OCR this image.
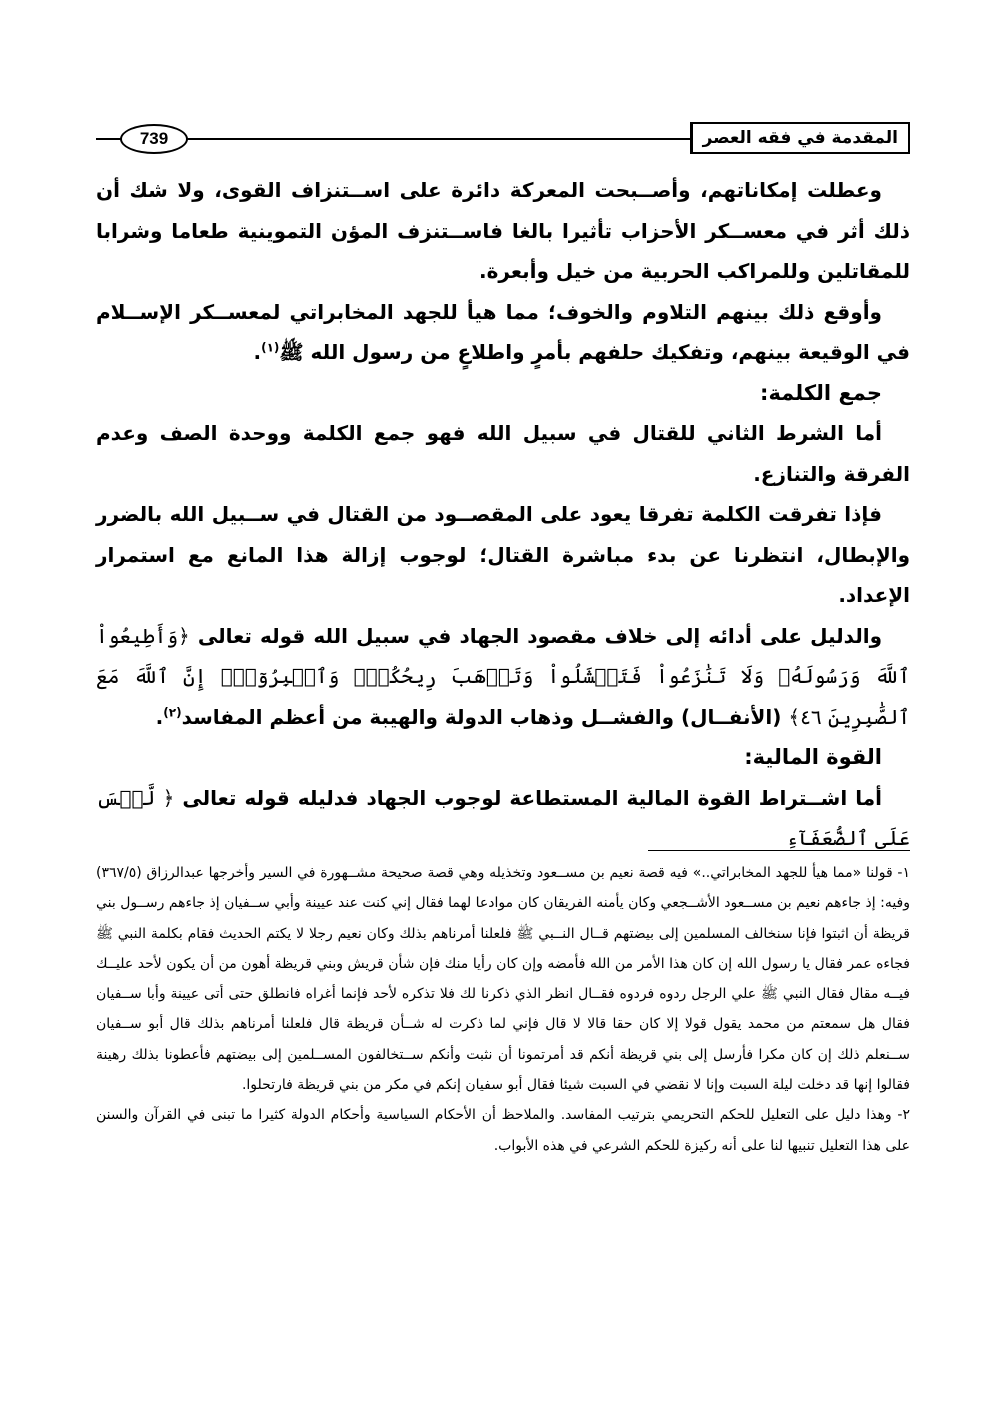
المقدمة في فقه العصر
739

وعطلت إمكاناتهم، وأصــبحت المعركة دائرة على اســتنزاف القوى، ولا شك أن ذلك أثر في معســكر الأحزاب تأثيرا بالغا فاســتنزف المؤن التموينية طعاما وشرابا للمقاتلين وللمراكب الحربية من خيل وأبعرة.

وأوقع ذلك بينهم التلاوم والخوف؛ مما هيأ للجهد المخابراتي لمعســكر الإســلام في الوقيعة بينهم، وتفكيك حلفهم بأمرٍ واطلاعٍ من رسول الله ﷺ$^{(١)}$.

جمع الكلمة:

أما الشرط الثاني للقتال في سبيل الله فهو جمع الكلمة ووحدة الصف وعدم الفرقة والتنازع.

فإذا تفرقت الكلمة تفرقا يعود على المقصــود من القتال في ســبيل الله بالضرر والإبطال، انتظرنا عن بدء مباشرة القتال؛ لوجوب إزالة هذا المانع مع استمرار الإعداد.

والدليل على أدائه إلى خلاف مقصود الجهاد في سبيل الله قوله تعالى ﴿وَأَطِيعُواْ ٱللَّهَ وَرَسُولَهُۥ وَلَا تَنَٰزَعُواْ فَتَفۡشَلُواْ وَتَذۡهَبَ رِيحُكُمۡۖ وَٱصۡبِرُوٓاْۚ إِنَّ ٱللَّهَ مَعَ ٱلصَّٰبِرِينَ ٤٦﴾ (الأنفــال) والفشــل وذهاب الدولة والهيبة من أعظم المفاسد$^{(٢)}$.

القوة المالية:

أما اشــتراط القوة المالية المستطاعة لوجوب الجهاد فدليله قوله تعالى ﴿ لَّيۡسَ عَلَى ٱلضُّعَفَآءِ

١- قولنا «مما هيأ للجهد المخابراتي..» فيه قصة نعيم بن مســعود وتخذيله وهي قصة صحيحة مشــهورة في السير وأخرجها عبدالرزاق (٣٦٧/٥) وفيه: إذ جاءهم نعيم بن مســعود الأشــجعي وكان يأمنه الفريقان كان موادعا لهما فقال إني كنت عند عيينة وأبي ســفيان إذ جاءهم رســول بني قريظة أن اثبتوا فإنا سنخالف المسلمين إلى بيضتهم قــال النــبي ﷺ فلعلنا أمرناهم بذلك وكان نعيم رجلا لا يكتم الحديث فقام بكلمة النبي ﷺ فجاءه عمر فقال يا رسول الله إن كان هذا الأمر من الله فأمضه وإن كان رأيا منك فإن شأن قريش وبني قريظة أهون من أن يكون لأحد عليــك فيــه مقال فقال النبي ﷺ علي الرجل ردوه فردوه فقــال انظر الذي ذكرنا لك فلا تذكره لأحد فإنما أغراه فانطلق حتى أتى عيينة وأبا ســفيان فقال هل سمعتم من محمد يقول قولا إلا كان حقا قالا لا قال فإني لما ذكرت له شــأن قريظة قال فلعلنا أمرناهم بذلك قال أبو ســفيان ســنعلم ذلك إن كان مكرا فأرسل إلى بني قريظة أنكم قد أمرتمونا أن نثبت وأنكم ســتخالفون المســلمين إلى بيضتهم فأعطونا بذلك رهينة فقالوا إنها قد دخلت ليلة السبت وإنا لا نقضي في السبت شيئا فقال أبو سفيان إنكم في مكر من بني قريظة فارتحلوا.

٢- وهذا دليل على التعليل للحكم التحريمي بترتيب المفاسد. والملاحظ أن الأحكام السياسية وأحكام الدولة كثيرا ما تبنى في القرآن والسنن على هذا التعليل تنبيها لنا على أنه ركيزة للحكم الشرعي في هذه الأبواب.
